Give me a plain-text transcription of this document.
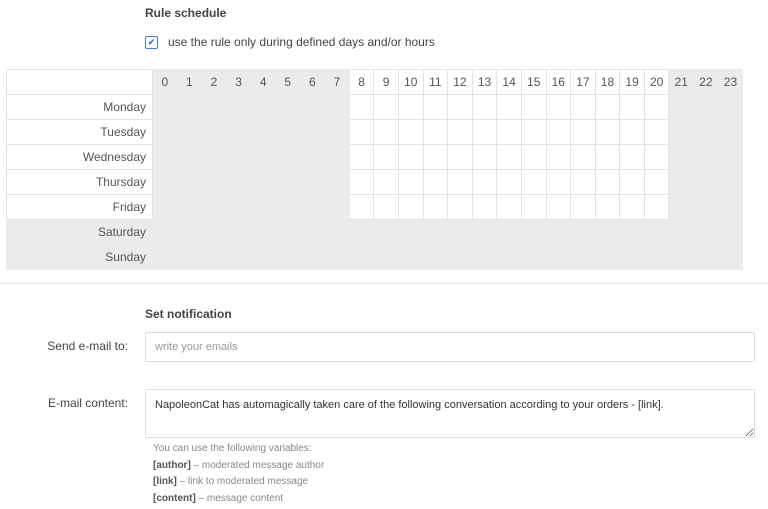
Rule schedule
✔ use the rule only during defined days and/or hours
	0	1	2	3	4	5	6	7	8	9	10	11	12	13	14	15	16	17	18	19	20	21	22	23
Monday																								
Tuesday																								
Wednesday																								
Thursday																								
Friday																								
Saturday																								
Sunday																								
Set notification
Send e-mail to:
write your emails
E-mail content:
NapoleonCat has automagically taken care of the following conversation according to your orders - [link].
You can use the following variables:
[author] – moderated message author
[link] – link to moderated message
[content] – message content
